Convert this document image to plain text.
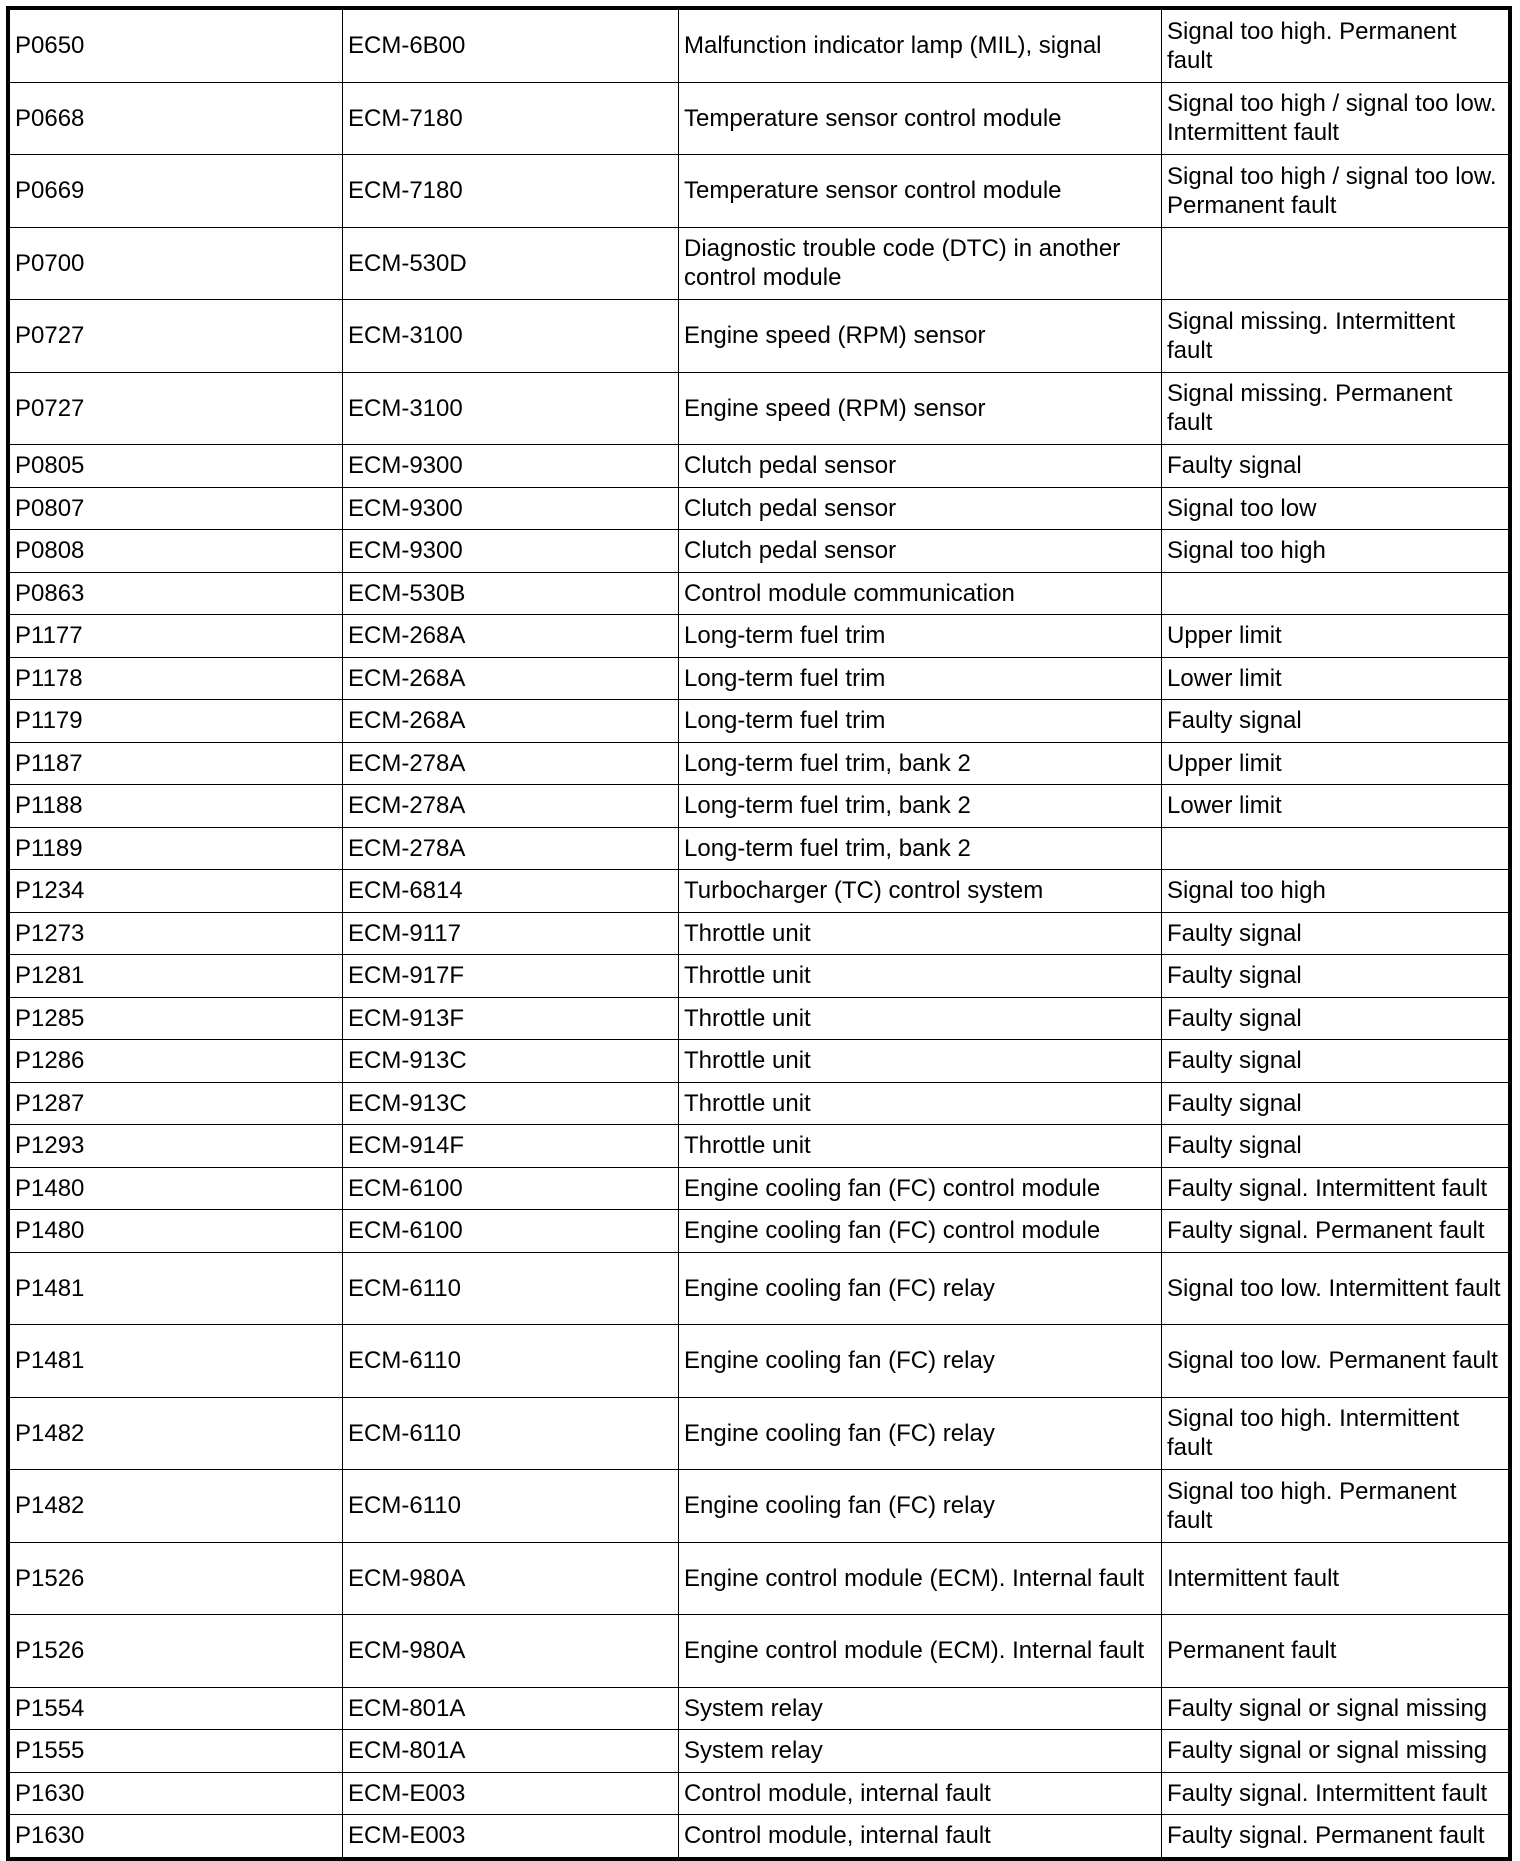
P0650	ECM-6B00	Malfunction indicator lamp (MIL), signal	Signal too high. Permanent fault
P0668	ECM-7180	Temperature sensor control module	Signal too high / signal too low. Intermittent fault
P0669	ECM-7180	Temperature sensor control module	Signal too high / signal too low. Permanent fault
P0700	ECM-530D	Diagnostic trouble code (DTC) in another control module	
P0727	ECM-3100	Engine speed (RPM) sensor	Signal missing. Intermittent fault
P0727	ECM-3100	Engine speed (RPM) sensor	Signal missing. Permanent fault
P0805	ECM-9300	Clutch pedal sensor	Faulty signal
P0807	ECM-9300	Clutch pedal sensor	Signal too low
P0808	ECM-9300	Clutch pedal sensor	Signal too high
P0863	ECM-530B	Control module communication	
P1177	ECM-268A	Long-term fuel trim	Upper limit
P1178	ECM-268A	Long-term fuel trim	Lower limit
P1179	ECM-268A	Long-term fuel trim	Faulty signal
P1187	ECM-278A	Long-term fuel trim, bank 2	Upper limit
P1188	ECM-278A	Long-term fuel trim, bank 2	Lower limit
P1189	ECM-278A	Long-term fuel trim, bank 2	
P1234	ECM-6814	Turbocharger (TC) control system	Signal too high
P1273	ECM-9117	Throttle unit	Faulty signal
P1281	ECM-917F	Throttle unit	Faulty signal
P1285	ECM-913F	Throttle unit	Faulty signal
P1286	ECM-913C	Throttle unit	Faulty signal
P1287	ECM-913C	Throttle unit	Faulty signal
P1293	ECM-914F	Throttle unit	Faulty signal
P1480	ECM-6100	Engine cooling fan (FC) control module	Faulty signal. Intermittent fault
P1480	ECM-6100	Engine cooling fan (FC) control module	Faulty signal. Permanent fault
P1481	ECM-6110	Engine cooling fan (FC) relay	Signal too low. Intermittent fault
P1481	ECM-6110	Engine cooling fan (FC) relay	Signal too low. Permanent fault
P1482	ECM-6110	Engine cooling fan (FC) relay	Signal too high. Intermittent fault
P1482	ECM-6110	Engine cooling fan (FC) relay	Signal too high. Permanent fault
P1526	ECM-980A	Engine control module (ECM). Internal fault	Intermittent fault
P1526	ECM-980A	Engine control module (ECM). Internal fault	Permanent fault
P1554	ECM-801A	System relay	Faulty signal or signal missing
P1555	ECM-801A	System relay	Faulty signal or signal missing
P1630	ECM-E003	Control module, internal fault	Faulty signal. Intermittent fault
P1630	ECM-E003	Control module, internal fault	Faulty signal. Permanent fault
